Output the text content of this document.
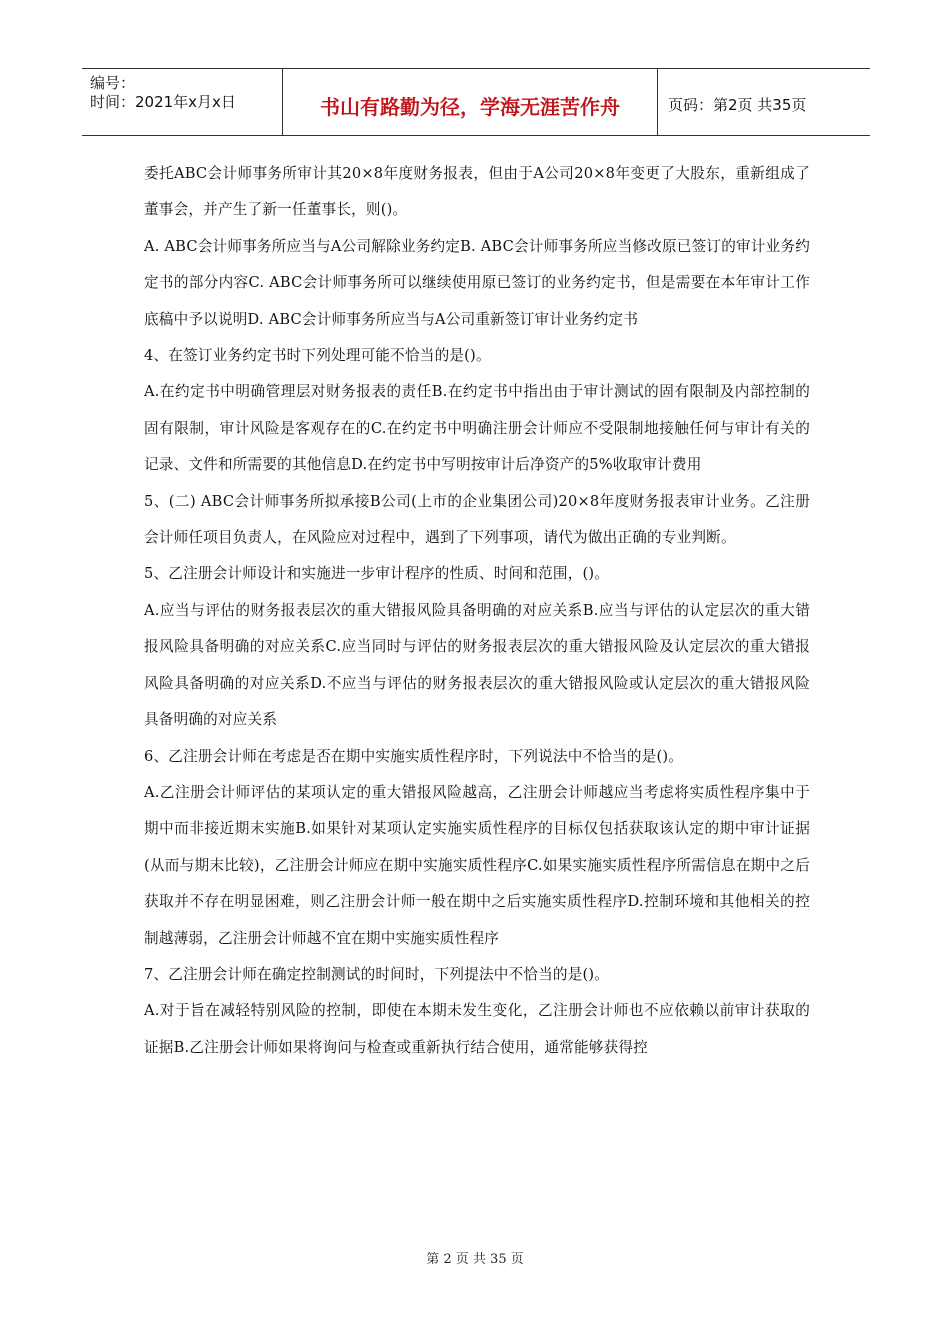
编号：
时间：2021年x月x日	书山有路勤为径，学海无涯苦作舟	页码：第2页 共35页

委托ABC会计师事务所审计其20×8年度财务报表，但由于A公司20×8年变更了大股东，重新组成了董事会，并产生了新一任董事长，则()。

A. ABC会计师事务所应当与A公司解除业务约定B. ABC会计师事务所应当修改原已签订的审计业务约定书的部分内容C. ABC会计师事务所可以继续使用原已签订的业务约定书，但是需要在本年审计工作底稿中予以说明D. ABC会计师事务所应当与A公司重新签订审计业务约定书

4、在签订业务约定书时下列处理可能不恰当的是()。

A.在约定书中明确管理层对财务报表的责任B.在约定书中指出由于审计测试的固有限制及内部控制的固有限制，审计风险是客观存在的C.在约定书中明确注册会计师应不受限制地接触任何与审计有关的记录、文件和所需要的其他信息D.在约定书中写明按审计后净资产的5%收取审计费用

5、(二) ABC会计师事务所拟承接B公司(上市的企业集团公司)20×8年度财务报表审计业务。乙注册会计师任项目负责人，在风险应对过程中，遇到了下列事项，请代为做出正确的专业判断。

5、乙注册会计师设计和实施进一步审计程序的性质、时间和范围，()。

A.应当与评估的财务报表层次的重大错报风险具备明确的对应关系B.应当与评估的认定层次的重大错报风险具备明确的对应关系C.应当同时与评估的财务报表层次的重大错报风险及认定层次的重大错报风险具备明确的对应关系D.不应当与评估的财务报表层次的重大错报风险或认定层次的重大错报风险具备明确的对应关系

6、乙注册会计师在考虑是否在期中实施实质性程序时，下列说法中不恰当的是()。

A.乙注册会计师评估的某项认定的重大错报风险越高，乙注册会计师越应当考虑将实质性程序集中于期中而非接近期末实施B.如果针对某项认定实施实质性程序的目标仅包括获取该认定的期中审计证据(从而与期末比较)，乙注册会计师应在期中实施实质性程序C.如果实施实质性程序所需信息在期中之后获取并不存在明显困难，则乙注册会计师一般在期中之后实施实质性程序D.控制环境和其他相关的控制越薄弱，乙注册会计师越不宜在期中实施实质性程序

7、乙注册会计师在确定控制测试的时间时，下列提法中不恰当的是()。

A.对于旨在减轻特别风险的控制，即使在本期未发生变化，乙注册会计师也不应依赖以前审计获取的证据B.乙注册会计师如果将询问与检查或重新执行结合使用，通常能够获得控

第 2 页 共 35 页
